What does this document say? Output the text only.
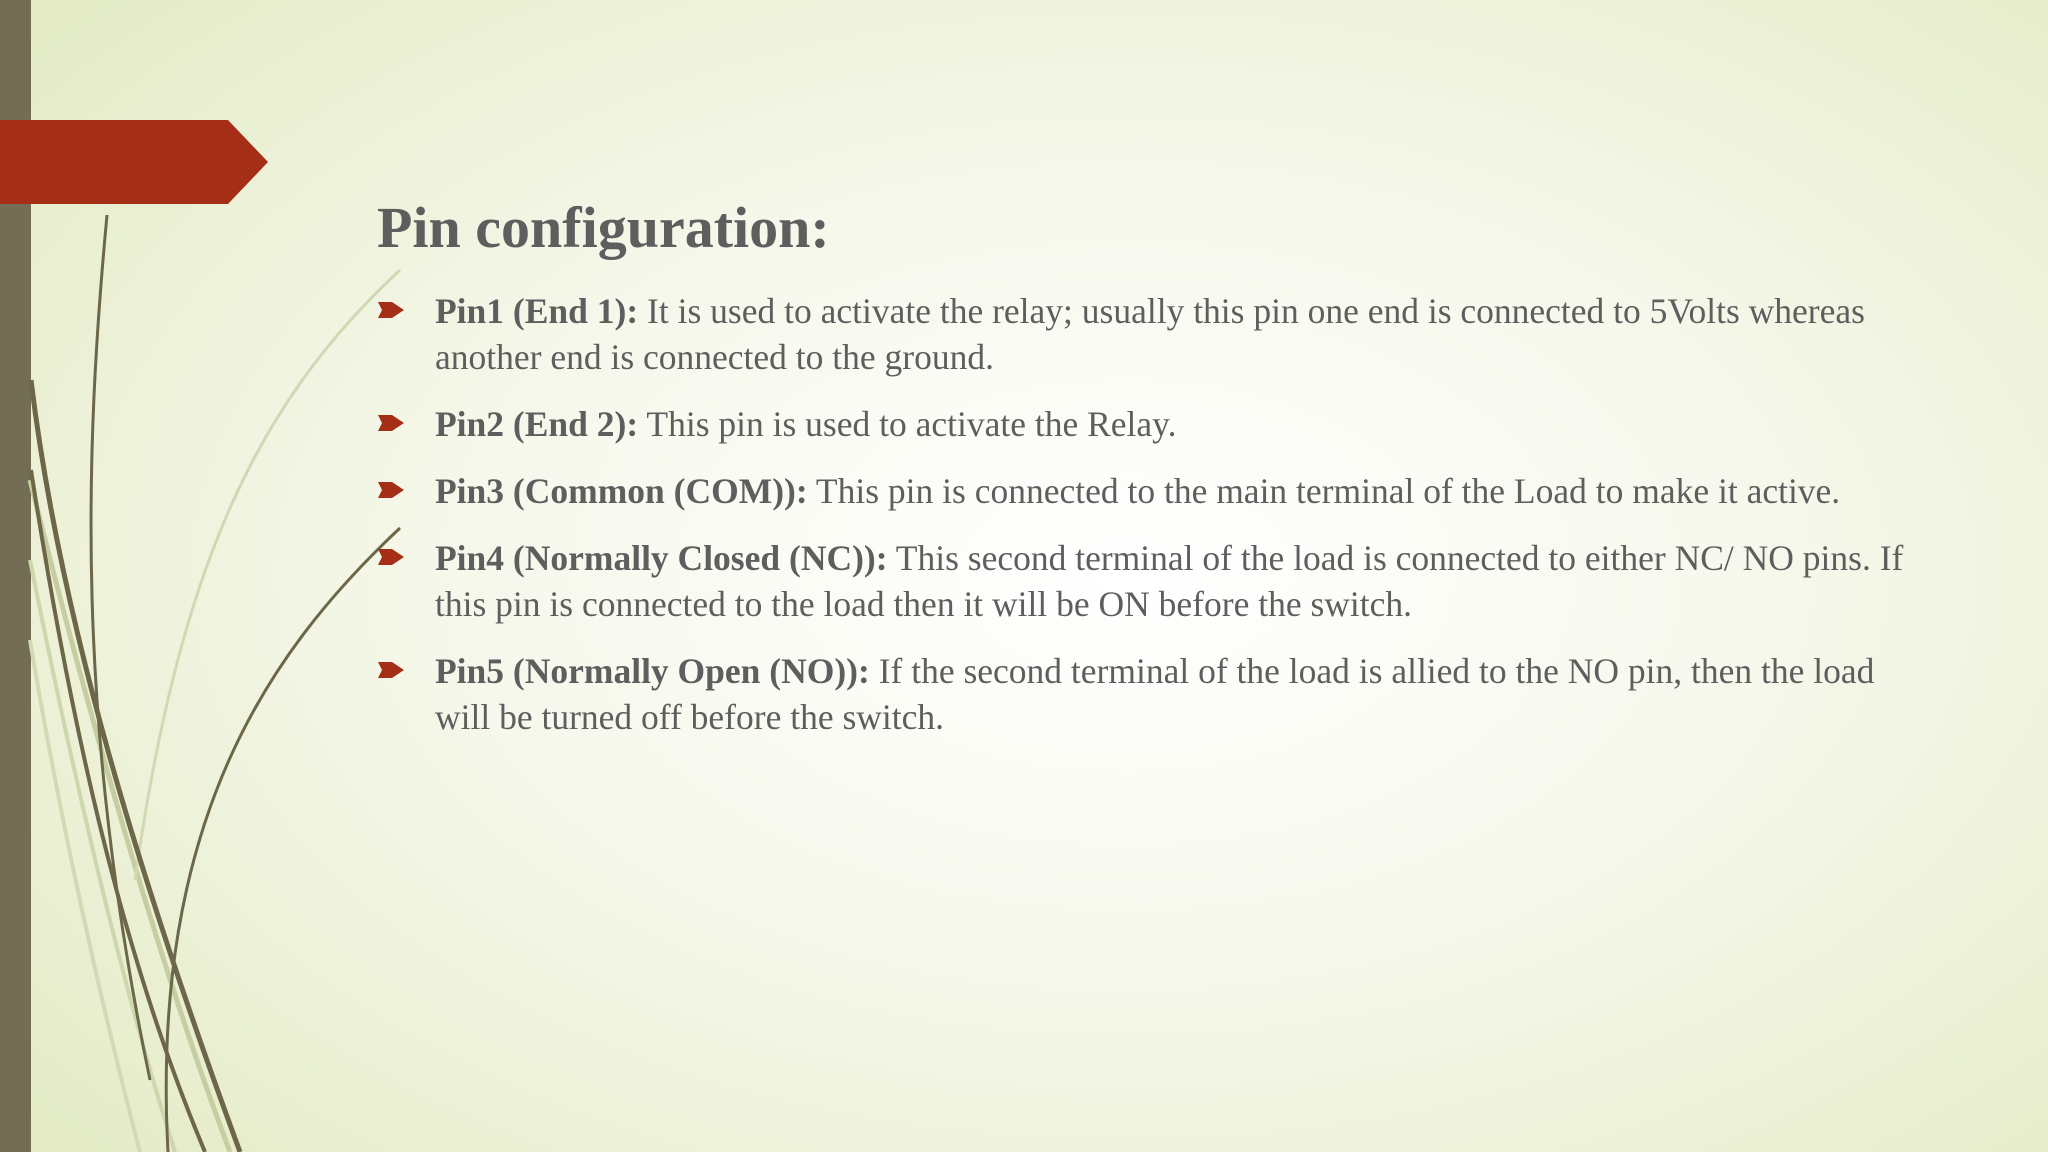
Pin configuration:
Pin1 (End 1): It is used to activate the relay; usually this pin one end is connected to 5Volts whereas another end is connected to the ground.
Pin2 (End 2): This pin is used to activate the Relay.
Pin3 (Common (COM)): This pin is connected to the main terminal of the Load to make it active.
Pin4 (Normally Closed (NC)): This second terminal of the load is connected to either NC/ NO pins. If this pin is connected to the load then it will be ON before the switch.
Pin5 (Normally Open (NO)): If the second terminal of the load is allied to the NO pin, then the load will be turned off before the switch.
